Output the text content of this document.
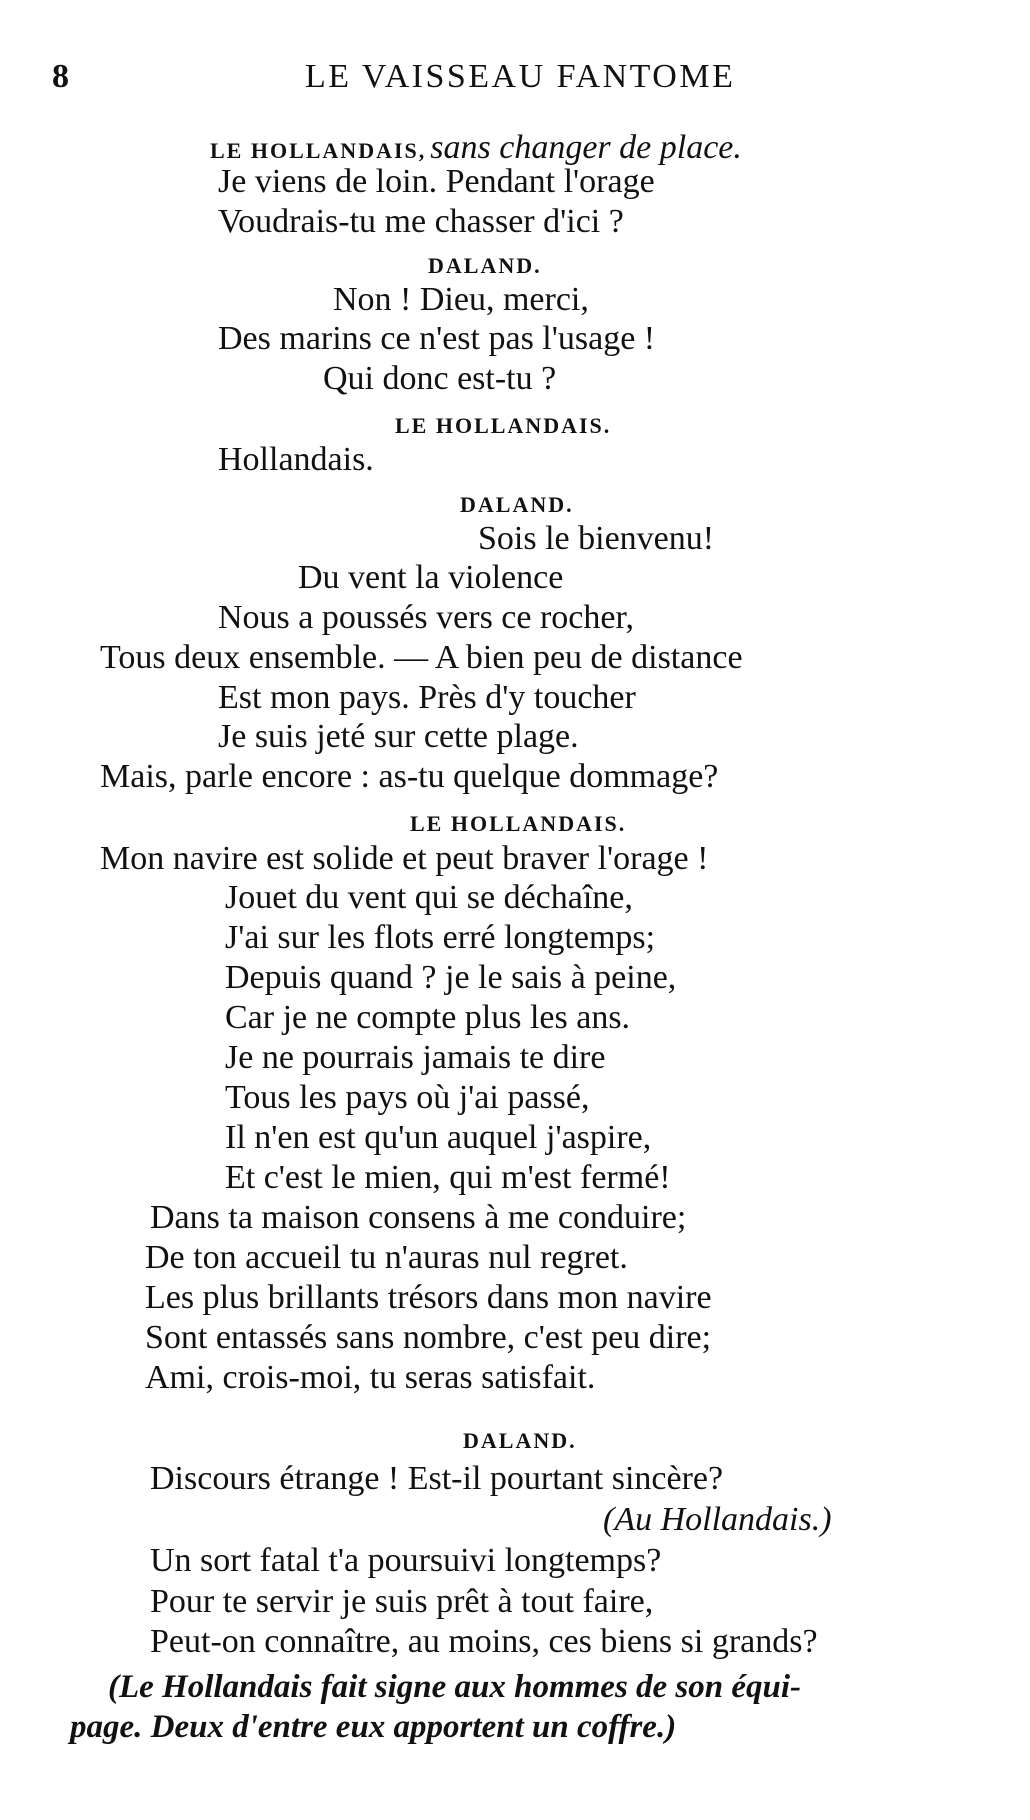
8	LE VAISSEAU FANTOME
LE HOLLANDAIS, sans changer de place.
Je viens de loin. Pendant l'orage
Voudrais-tu me chasser d'ici ?
DALAND.
Non ! Dieu, merci,
Des marins ce n'est pas l'usage !
Qui donc est-tu ?
LE HOLLANDAIS.
Hollandais.
DALAND.
Sois le bienvenu!
Du vent la violence
Nous a poussés vers ce rocher,
Tous deux ensemble. — A bien peu de distance
Est mon pays. Près d'y toucher
Je suis jeté sur cette plage.
Mais, parle encore : as-tu quelque dommage?
LE HOLLANDAIS.
Mon navire est solide et peut braver l'orage !
Jouet du vent qui se déchaîne,
J'ai sur les flots erré longtemps;
Depuis quand ? je le sais à peine,
Car je ne compte plus les ans.
Je ne pourrais jamais te dire
Tous les pays où j'ai passé,
Il n'en est qu'un auquel j'aspire,
Et c'est le mien, qui m'est fermé!
Dans ta maison consens à me conduire;
De ton accueil tu n'auras nul regret.
Les plus brillants trésors dans mon navire
Sont entassés sans nombre, c'est peu dire;
Ami, crois-moi, tu seras satisfait.
DALAND.
Discours étrange ! Est-il pourtant sincère?
(Au Hollandais.)
Un sort fatal t'a poursuivi longtemps?
Pour te servir je suis prêt à tout faire,
Peut-on connaître, au moins, ces biens si grands?
(Le Hollandais fait signe aux hommes de son équi-
page. Deux d'entre eux apportent un coffre.)
